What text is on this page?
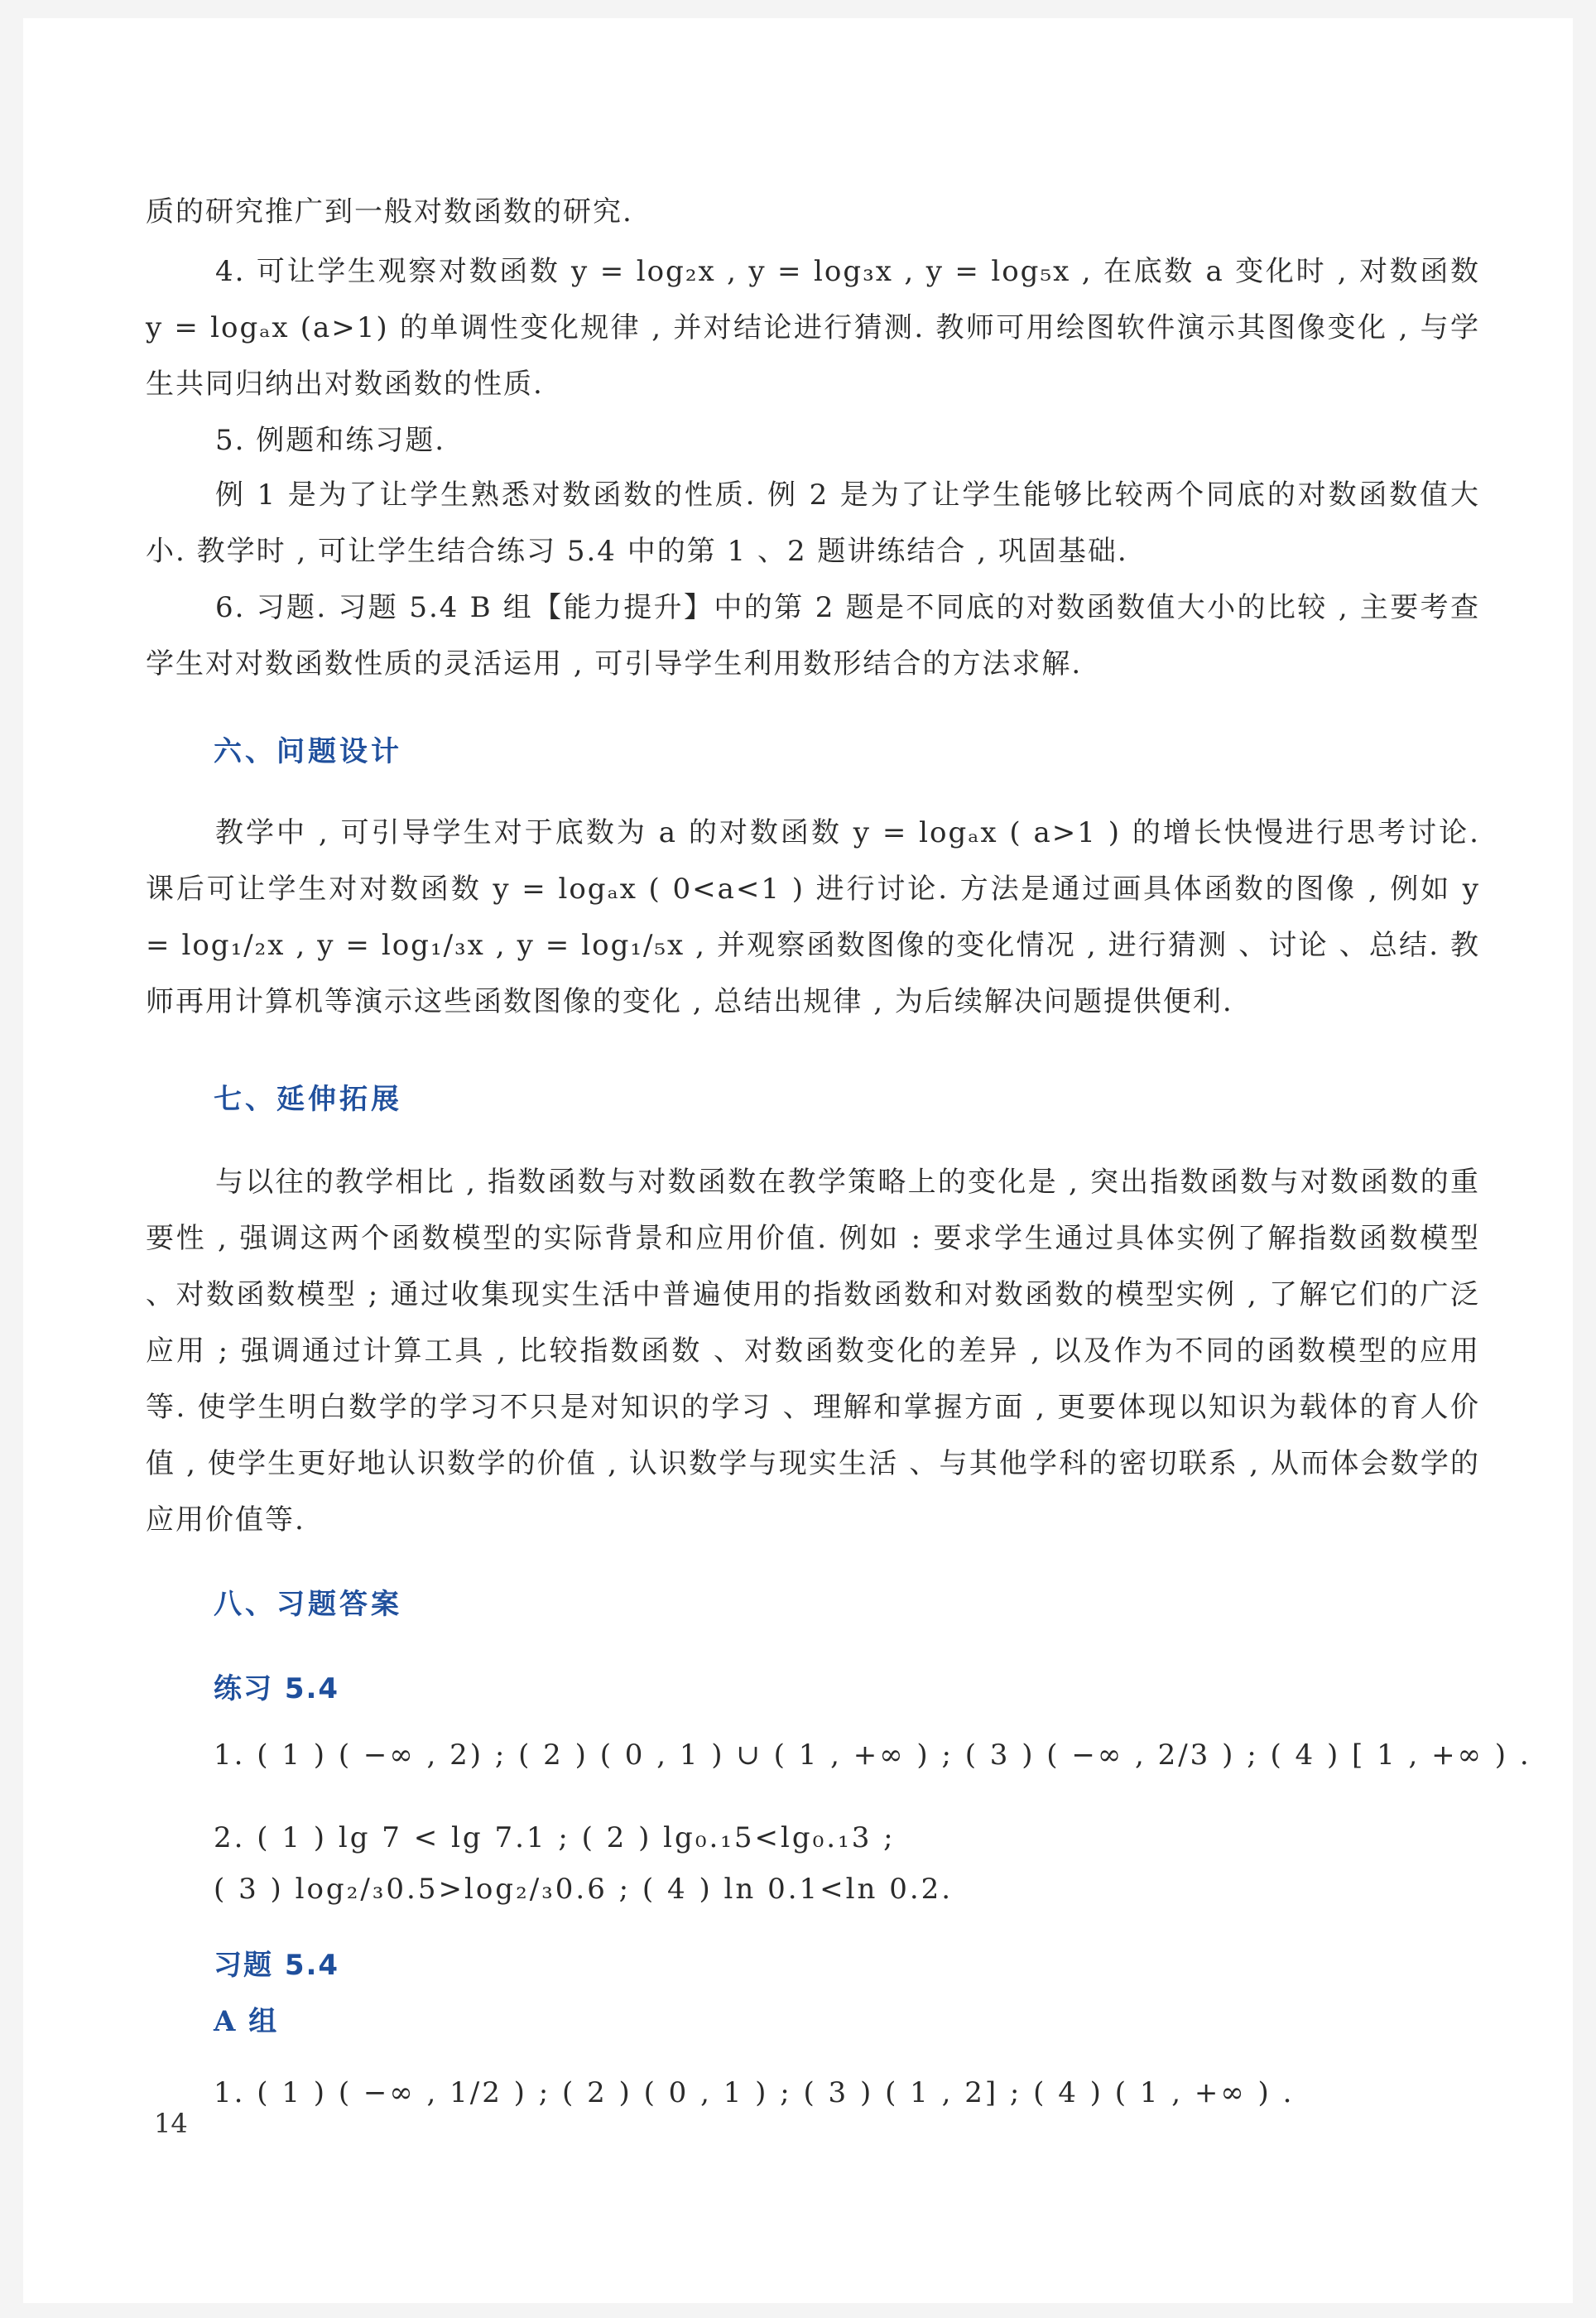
质的研究推广到一般对数函数的研究.

4. 可让学生观察对数函数 y = log₂x , y = log₃x , y = log₅x , 在底数 a 变化时 , 对数函数 y = logₐx (a>1) 的单调性变化规律 , 并对结论进行猜测. 教师可用绘图软件演示其图像变化 , 与学生共同归纳出对数函数的性质.

5. 例题和练习题.

例 1 是为了让学生熟悉对数函数的性质. 例 2 是为了让学生能够比较两个同底的对数函数值大小. 教学时 , 可让学生结合练习 5.4 中的第 1 、2 题讲练结合 , 巩固基础.

6. 习题. 习题 5.4 B 组【能力提升】中的第 2 题是不同底的对数函数值大小的比较 , 主要考查学生对对数函数性质的灵活运用 , 可引导学生利用数形结合的方法求解.

六、问题设计

教学中 , 可引导学生对于底数为 a 的对数函数 y = logₐx ( a>1 ) 的增长快慢进行思考讨论. 课后可让学生对对数函数 y = logₐx ( 0<a<1 ) 进行讨论. 方法是通过画具体函数的图像 , 例如 y = log₁/₂x , y = log₁/₃x , y = log₁/₅x , 并观察函数图像的变化情况 , 进行猜测 、讨论 、总结. 教师再用计算机等演示这些函数图像的变化 , 总结出规律 , 为后续解决问题提供便利.

七、延伸拓展

与以往的教学相比 , 指数函数与对数函数在教学策略上的变化是 , 突出指数函数与对数函数的重要性 , 强调这两个函数模型的实际背景和应用价值. 例如 : 要求学生通过具体实例了解指数函数模型 、对数函数模型 ; 通过收集现实生活中普遍使用的指数函数和对数函数的模型实例 , 了解它们的广泛应用 ; 强调通过计算工具 , 比较指数函数 、对数函数变化的差异 , 以及作为不同的函数模型的应用等. 使学生明白数学的学习不只是对知识的学习 、理解和掌握方面 , 更要体现以知识为载体的育人价值 , 使学生更好地认识数学的价值 , 认识数学与现实生活 、与其他学科的密切联系 , 从而体会数学的应用价值等.

八、习题答案
练习 5.4

1. ( 1 ) ( −∞ , 2) ; ( 2 ) ( 0 , 1 ) ∪ ( 1 , +∞ ) ; ( 3 ) ( −∞ , 2/3 ) ; ( 4 ) [ 1 , +∞ ) .

2. ( 1 ) lg 7 < lg 7.1 ; ( 2 ) lg₀.₁5<lg₀.₁3 ;

( 3 ) log₂/₃0.5>log₂/₃0.6 ; ( 4 ) ln 0.1<ln 0.2.

习题 5.4
A 组

1. ( 1 ) ( −∞ , 1/2 ) ; ( 2 ) ( 0 , 1 ) ; ( 3 ) ( 1 , 2] ; ( 4 ) ( 1 , +∞ ) .

14
